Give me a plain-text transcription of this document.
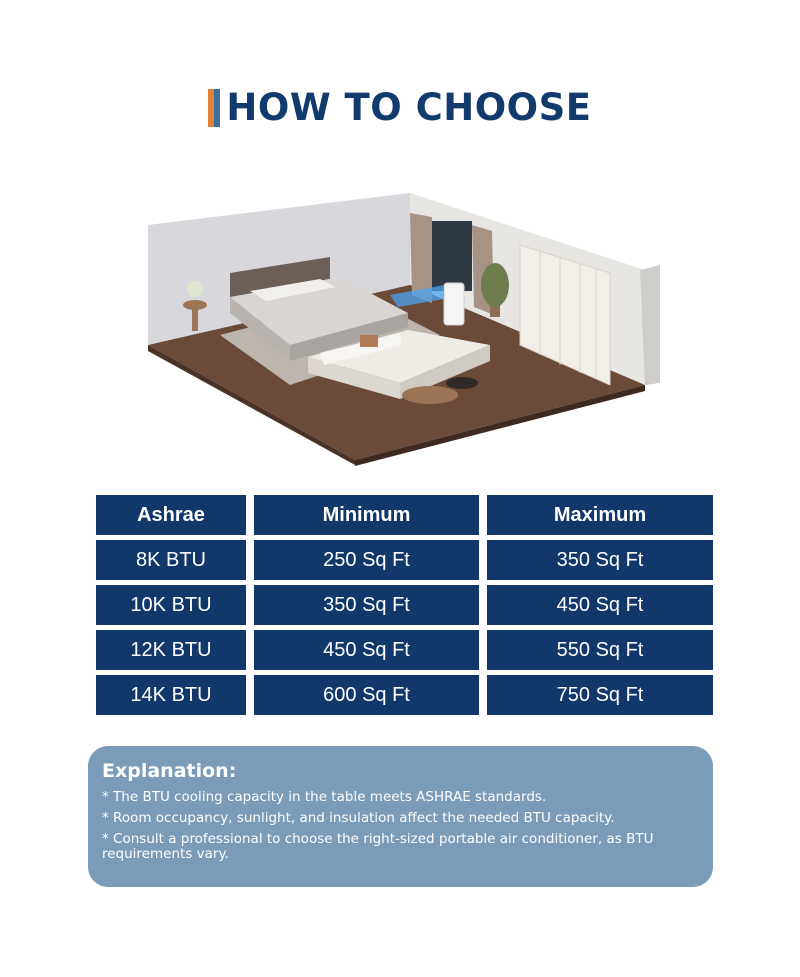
HOW TO CHOOSE
Ashrae	Minimum	Maximum
8K BTU	250 Sq Ft	350 Sq Ft
10K BTU	350 Sq Ft	450 Sq Ft
12K BTU	450 Sq Ft	550 Sq Ft
14K BTU	600 Sq Ft	750 Sq Ft
Explanation:

* The BTU cooling capacity in the table meets ASHRAE standards.

* Room occupancy, sunlight, and insulation affect the needed BTU capacity.

* Consult a professional to choose the right-sized portable air conditioner, as BTU requirements vary.
